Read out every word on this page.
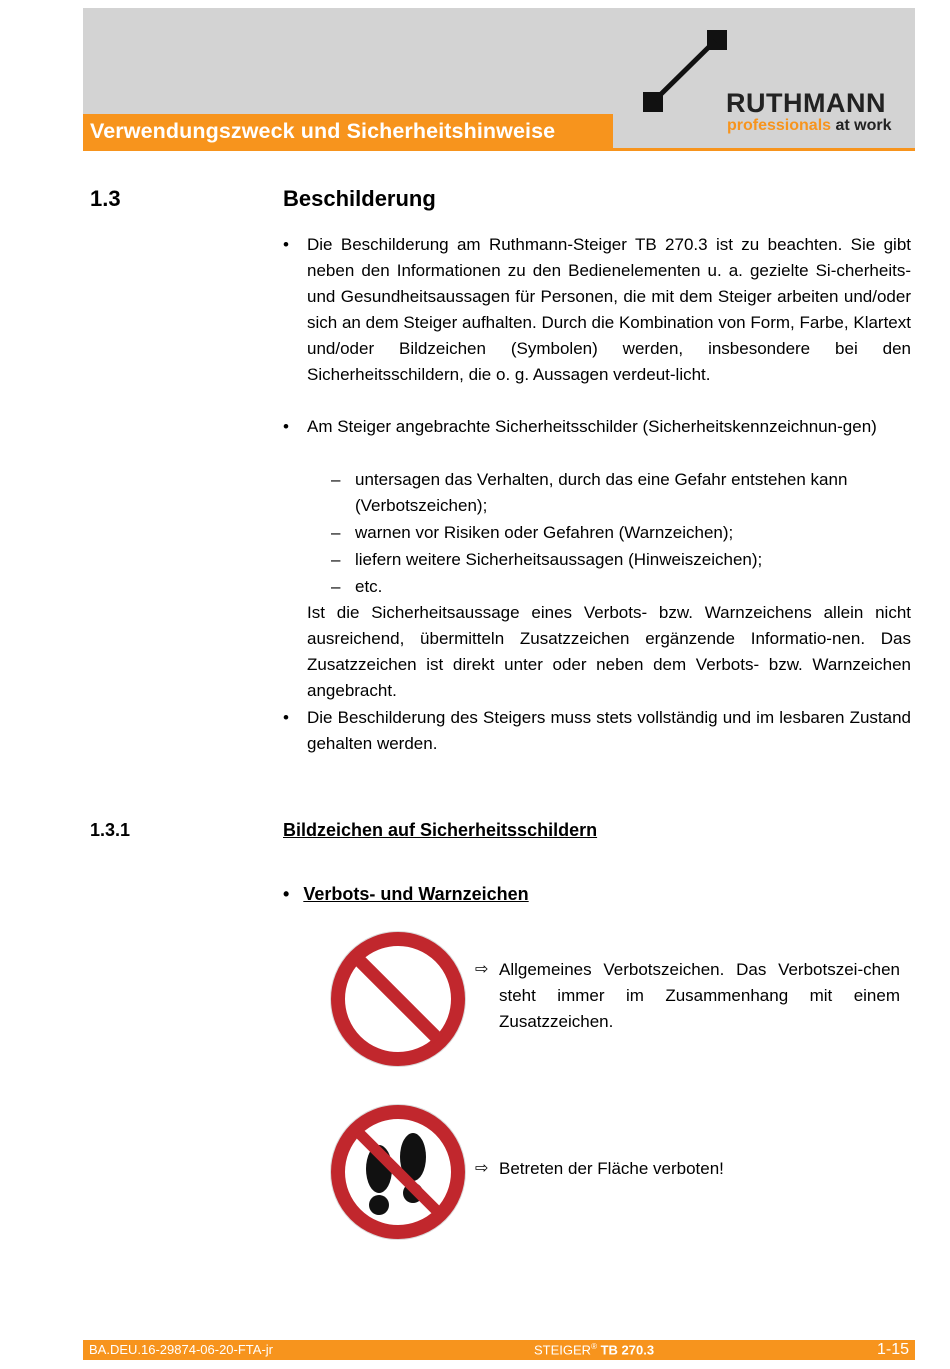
Verwendungszweck und Sicherheitshinweise
RUTHMANN
professionals at work
1.3	Beschilderung
•	Die Beschilderung am Ruthmann-Steiger TB 270.3 ist zu beachten. Sie gibt neben den Informationen zu den Bedienelementen u. a. gezielte Si-cherheits- und Gesundheitsaussagen für Personen, die mit dem Steiger arbeiten und/oder sich an dem Steiger aufhalten. Durch die Kombination von Form, Farbe, Klartext und/oder Bildzeichen (Symbolen) werden, insbesondere bei den Sicherheitsschildern, die o. g. Aussagen verdeut-licht.
•	Am Steiger angebrachte Sicherheitsschilder (Sicherheitskennzeichnun-gen)
– untersagen das Verhalten, durch das eine Gefahr entstehen kann (Verbotszeichen);
– warnen vor Risiken oder Gefahren (Warnzeichen);
– liefern weitere Sicherheitsaussagen (Hinweiszeichen);
– etc.
Ist die Sicherheitsaussage eines Verbots- bzw. Warnzeichens allein nicht ausreichend, übermitteln Zusatzzeichen ergänzende Informatio-nen. Das Zusatzzeichen ist direkt unter oder neben dem Verbots- bzw. Warnzeichen angebracht.
•	Die Beschilderung des Steigers muss stets vollständig und im lesbaren Zustand gehalten werden.
1.3.1	Bildzeichen auf Sicherheitsschildern
• Verbots- und Warnzeichen
⇨ Allgemeines Verbotszeichen. Das Verbotszei-chen steht immer im Zusammenhang mit einem Zusatzzeichen.
⇨ Betreten der Fläche verboten!
BA.DEU.16-29874-06-20-FTA-jr	STEIGER® TB 270.3	1-15
